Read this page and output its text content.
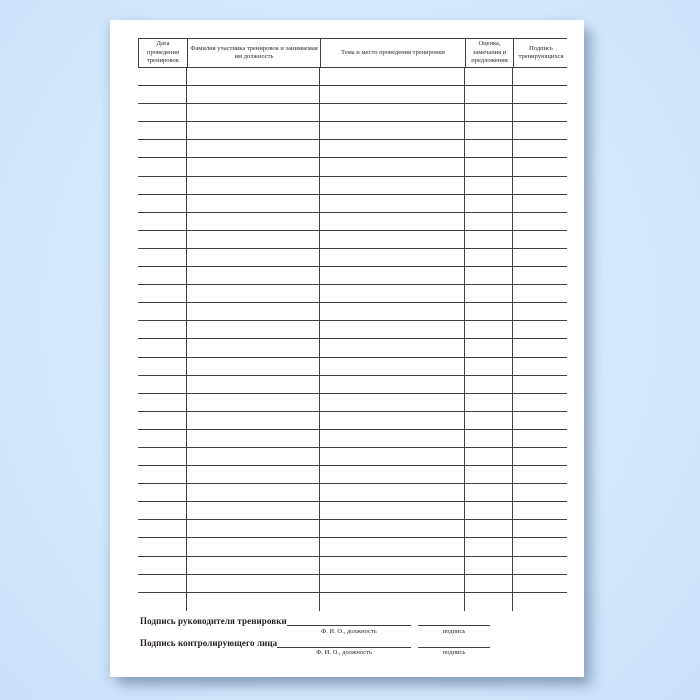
Дата проведения тренировок
Фамилия участника тренировок и занимаемая им должность
Тема и место проведения тренировки
Оценка, замечания и предложения
Подпись тренирующихся
Подпись руководителя тренировки
Ф. И. О., должность	подпись
Подпись контролирующего лица
Ф. И. О., должность	подпись
